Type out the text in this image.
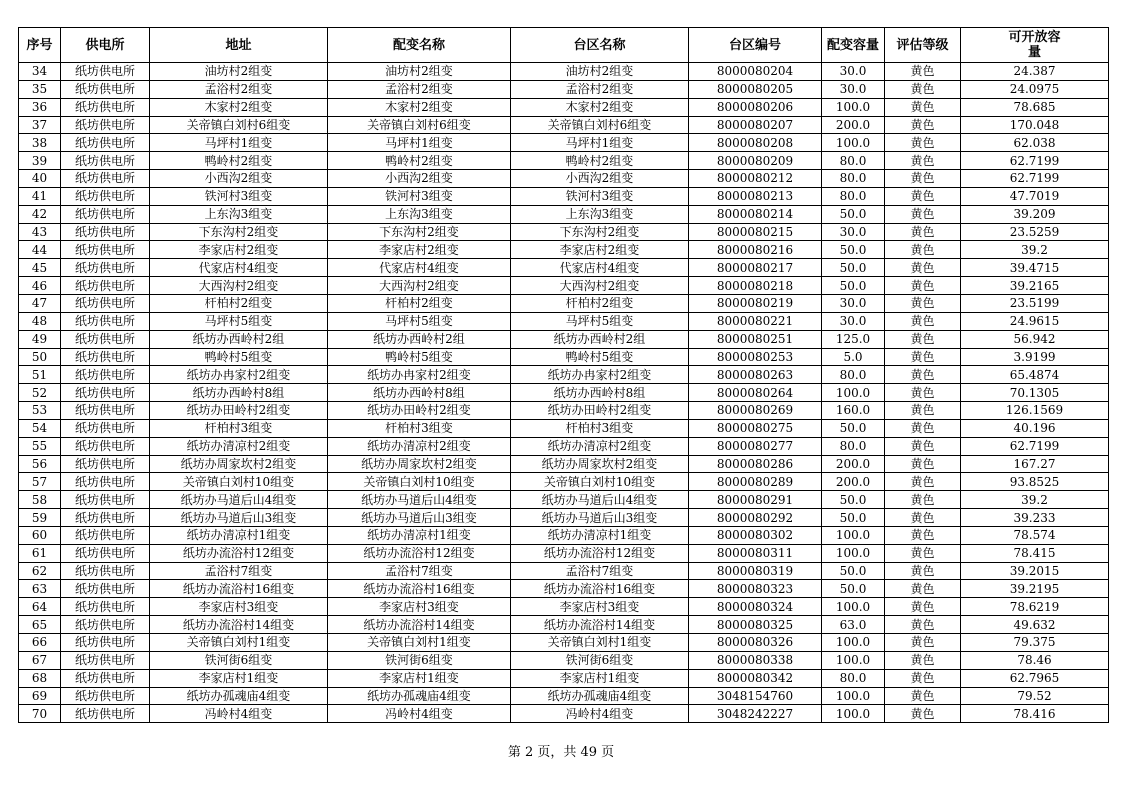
序号	供电所	地址	配变名称	台区名称	台区编号	配变容量	评估等级	可开放容量
34	纸坊供电所	油坊村2组变	油坊村2组变	油坊村2组变	8000080204	30.0	黄色	24.387
35	纸坊供电所	孟浴村2组变	孟浴村2组变	孟浴村2组变	8000080205	30.0	黄色	24.0975
36	纸坊供电所	木家村2组变	木家村2组变	木家村2组变	8000080206	100.0	黄色	78.685
37	纸坊供电所	关帝镇白刘村6组变	关帝镇白刘村6组变	关帝镇白刘村6组变	8000080207	200.0	黄色	170.048
38	纸坊供电所	马坪村1组变	马坪村1组变	马坪村1组变	8000080208	100.0	黄色	62.038
39	纸坊供电所	鸭岭村2组变	鸭岭村2组变	鸭岭村2组变	8000080209	80.0	黄色	62.7199
40	纸坊供电所	小西沟2组变	小西沟2组变	小西沟2组变	8000080212	80.0	黄色	62.7199
41	纸坊供电所	铁河村3组变	铁河村3组变	铁河村3组变	8000080213	80.0	黄色	47.7019
42	纸坊供电所	上东沟3组变	上东沟3组变	上东沟3组变	8000080214	50.0	黄色	39.209
43	纸坊供电所	下东沟村2组变	下东沟村2组变	下东沟村2组变	8000080215	30.0	黄色	23.5259
44	纸坊供电所	李家店村2组变	李家店村2组变	李家店村2组变	8000080216	50.0	黄色	39.2
45	纸坊供电所	代家店村4组变	代家店村4组变	代家店村4组变	8000080217	50.0	黄色	39.4715
46	纸坊供电所	大西沟村2组变	大西沟村2组变	大西沟村2组变	8000080218	50.0	黄色	39.2165
47	纸坊供电所	杆柏村2组变	杆柏村2组变	杆柏村2组变	8000080219	30.0	黄色	23.5199
48	纸坊供电所	马坪村5组变	马坪村5组变	马坪村5组变	8000080221	30.0	黄色	24.9615
49	纸坊供电所	纸坊办西岭村2组	纸坊办西岭村2组	纸坊办西岭村2组	8000080251	125.0	黄色	56.942
50	纸坊供电所	鸭岭村5组变	鸭岭村5组变	鸭岭村5组变	8000080253	5.0	黄色	3.9199
51	纸坊供电所	纸坊办冉家村2组变	纸坊办冉家村2组变	纸坊办冉家村2组变	8000080263	80.0	黄色	65.4874
52	纸坊供电所	纸坊办西岭村8组	纸坊办西岭村8组	纸坊办西岭村8组	8000080264	100.0	黄色	70.1305
53	纸坊供电所	纸坊办田岭村2组变	纸坊办田岭村2组变	纸坊办田岭村2组变	8000080269	160.0	黄色	126.1569
54	纸坊供电所	杆柏村3组变	杆柏村3组变	杆柏村3组变	8000080275	50.0	黄色	40.196
55	纸坊供电所	纸坊办清凉村2组变	纸坊办清凉村2组变	纸坊办清凉村2组变	8000080277	80.0	黄色	62.7199
56	纸坊供电所	纸坊办周家坎村2组变	纸坊办周家坎村2组变	纸坊办周家坎村2组变	8000080286	200.0	黄色	167.27
57	纸坊供电所	关帝镇白刘村10组变	关帝镇白刘村10组变	关帝镇白刘村10组变	8000080289	200.0	黄色	93.8525
58	纸坊供电所	纸坊办马道后山4组变	纸坊办马道后山4组变	纸坊办马道后山4组变	8000080291	50.0	黄色	39.2
59	纸坊供电所	纸坊办马道后山3组变	纸坊办马道后山3组变	纸坊办马道后山3组变	8000080292	50.0	黄色	39.233
60	纸坊供电所	纸坊办清凉村1组变	纸坊办清凉村1组变	纸坊办清凉村1组变	8000080302	100.0	黄色	78.574
61	纸坊供电所	纸坊办流浴村12组变	纸坊办流浴村12组变	纸坊办流浴村12组变	8000080311	100.0	黄色	78.415
62	纸坊供电所	孟浴村7组变	孟浴村7组变	孟浴村7组变	8000080319	50.0	黄色	39.2015
63	纸坊供电所	纸坊办流浴村16组变	纸坊办流浴村16组变	纸坊办流浴村16组变	8000080323	50.0	黄色	39.2195
64	纸坊供电所	李家店村3组变	李家店村3组变	李家店村3组变	8000080324	100.0	黄色	78.6219
65	纸坊供电所	纸坊办流浴村14组变	纸坊办流浴村14组变	纸坊办流浴村14组变	8000080325	63.0	黄色	49.632
66	纸坊供电所	关帝镇白刘村1组变	关帝镇白刘村1组变	关帝镇白刘村1组变	8000080326	100.0	黄色	79.375
67	纸坊供电所	铁河街6组变	铁河街6组变	铁河街6组变	8000080338	100.0	黄色	78.46
68	纸坊供电所	李家店村1组变	李家店村1组变	李家店村1组变	8000080342	80.0	黄色	62.7965
69	纸坊供电所	纸坊办孤魂庙4组变	纸坊办孤魂庙4组变	纸坊办孤魂庙4组变	3048154760	100.0	黄色	79.52
70	纸坊供电所	冯岭村4组变	冯岭村4组变	冯岭村4组变	3048242227	100.0	黄色	78.416
第 2 页，共 49 页
